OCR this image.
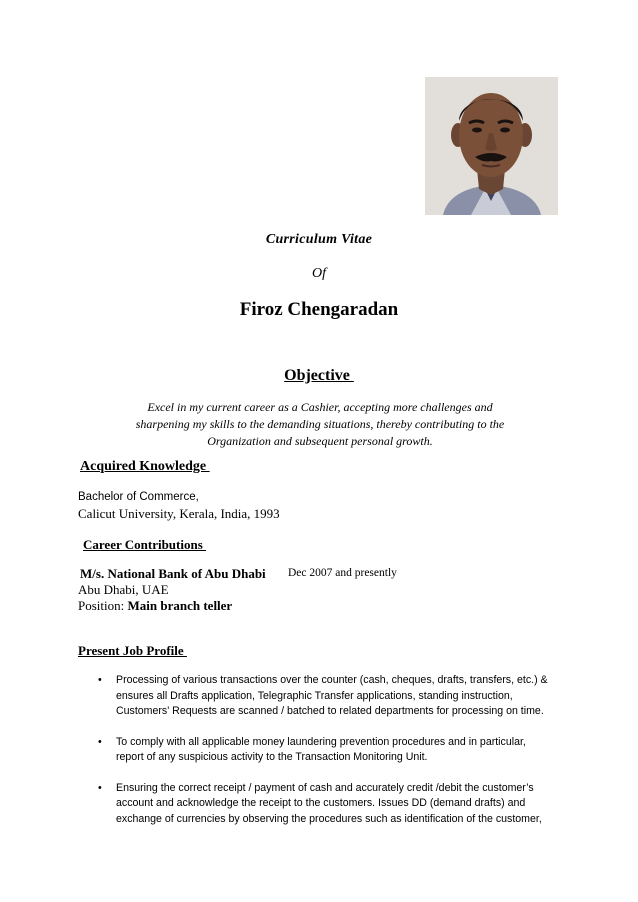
Curriculum Vitae
Of
Firoz Chengaradan
Objective
Excel in my current career as a Cashier, accepting more challenges and
sharpening my skills to the demanding situations, thereby contributing to the
Organization and subsequent personal growth.
Acquired Knowledge
Bachelor of Commerce,
Calicut University, Kerala, India, 1993
Career Contributions
M/s. National Bank of Abu Dhabi Dec 2007 and presently
Abu Dhabi, UAE
Position: Main branch teller
Present Job Profile
•	Processing of various transactions over the counter (cash, cheques, drafts, transfers, etc.) &
ensures all Drafts application, Telegraphic Transfer applications, standing instruction,
Customers' Requests are scanned / batched to related departments for processing on time.
•	To comply with all applicable money laundering prevention procedures and in particular,
report of any suspicious activity to the Transaction Monitoring Unit.
•	Ensuring the correct receipt / payment of cash and accurately credit /debit the customer’s
account and acknowledge the receipt to the customers. Issues DD (demand drafts) and
exchange of currencies by observing the procedures such as identification of the customer,
